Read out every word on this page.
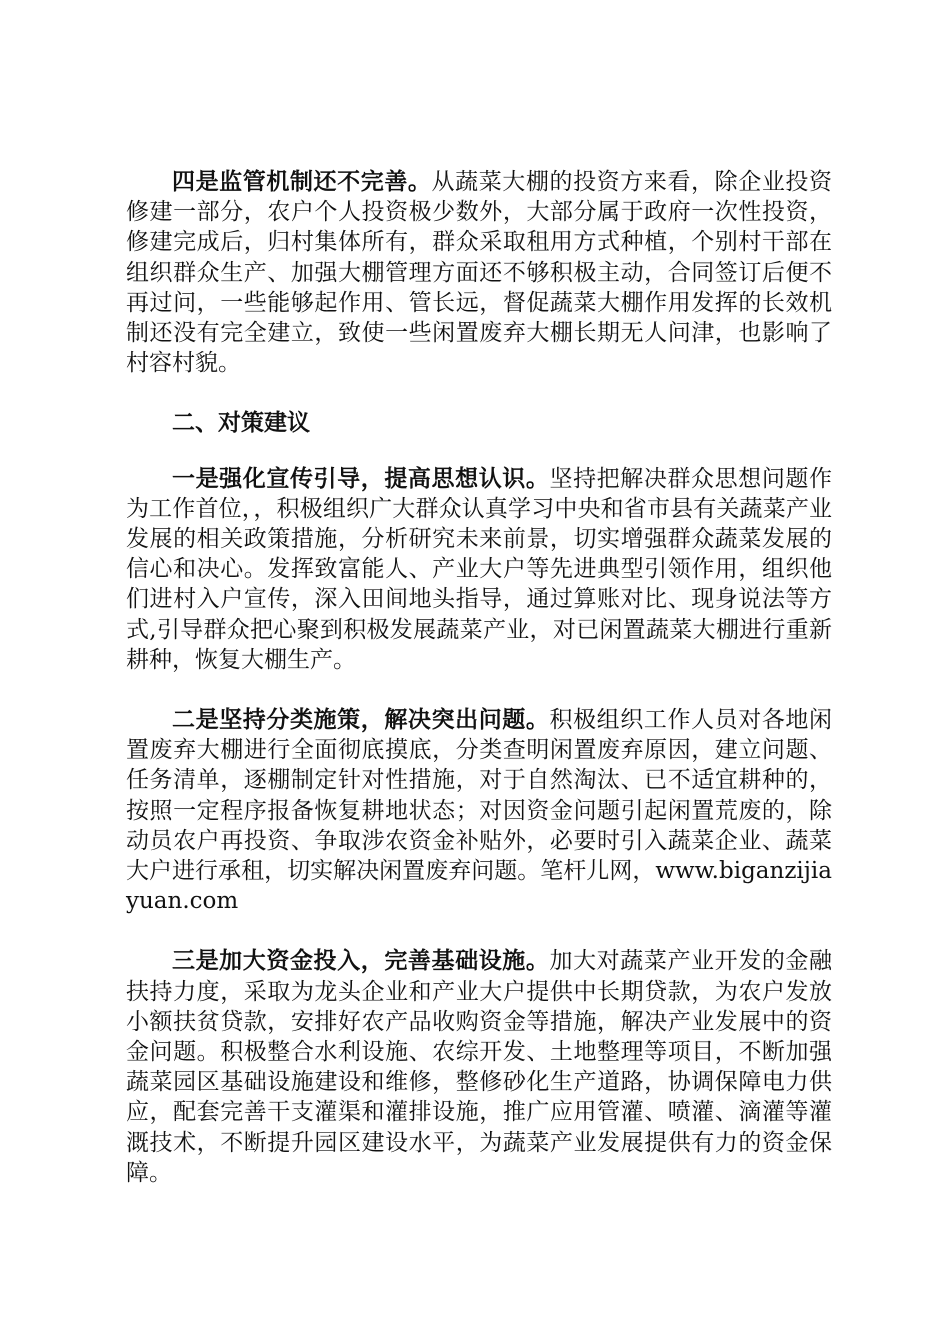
四是监管机制还不完善。从蔬菜大棚的投资方来看，除企业投资修建一部分，农户个人投资极少数外，大部分属于政府一次性投资，修建完成后，归村集体所有，群众采取租用方式种植，个别村干部在组织群众生产、加强大棚管理方面还不够积极主动，合同签订后便不再过问，一些能够起作用、管长远，督促蔬菜大棚作用发挥的长效机制还没有完全建立，致使一些闲置废弃大棚长期无人问津，也影响了村容村貌。

二、对策建议

一是强化宣传引导，提高思想认识。坚持把解决群众思想问题作为工作首位，，积极组织广大群众认真学习中央和省市县有关蔬菜产业发展的相关政策措施，分析研究未来前景，切实增强群众蔬菜发展的信心和决心。发挥致富能人、产业大户等先进典型引领作用，组织他们进村入户宣传，深入田间地头指导，通过算账对比、现身说法等方式,引导群众把心聚到积极发展蔬菜产业，对已闲置蔬菜大棚进行重新耕种，恢复大棚生产。

二是坚持分类施策，解决突出问题。积极组织工作人员对各地闲置废弃大棚进行全面彻底摸底，分类查明闲置废弃原因，建立问题、任务清单，逐棚制定针对性措施，对于自然淘汰、已不适宜耕种的，按照一定程序报备恢复耕地状态；对因资金问题引起闲置荒废的，除动员农户再投资、争取涉农资金补贴外，必要时引入蔬菜企业、蔬菜大户进行承租，切实解决闲置废弃问题。笔杆儿网，www.biganzijiayuan.com

三是加大资金投入，完善基础设施。加大对蔬菜产业开发的金融扶持力度，采取为龙头企业和产业大户提供中长期贷款，为农户发放小额扶贫贷款，安排好农产品收购资金等措施，解决产业发展中的资金问题。积极整合水利设施、农综开发、土地整理等项目，不断加强蔬菜园区基础设施建设和维修，整修砂化生产道路，协调保障电力供应，配套完善干支灌渠和灌排设施，推广应用管灌、喷灌、滴灌等灌溉技术，不断提升园区建设水平，为蔬菜产业发展提供有力的资金保障。
